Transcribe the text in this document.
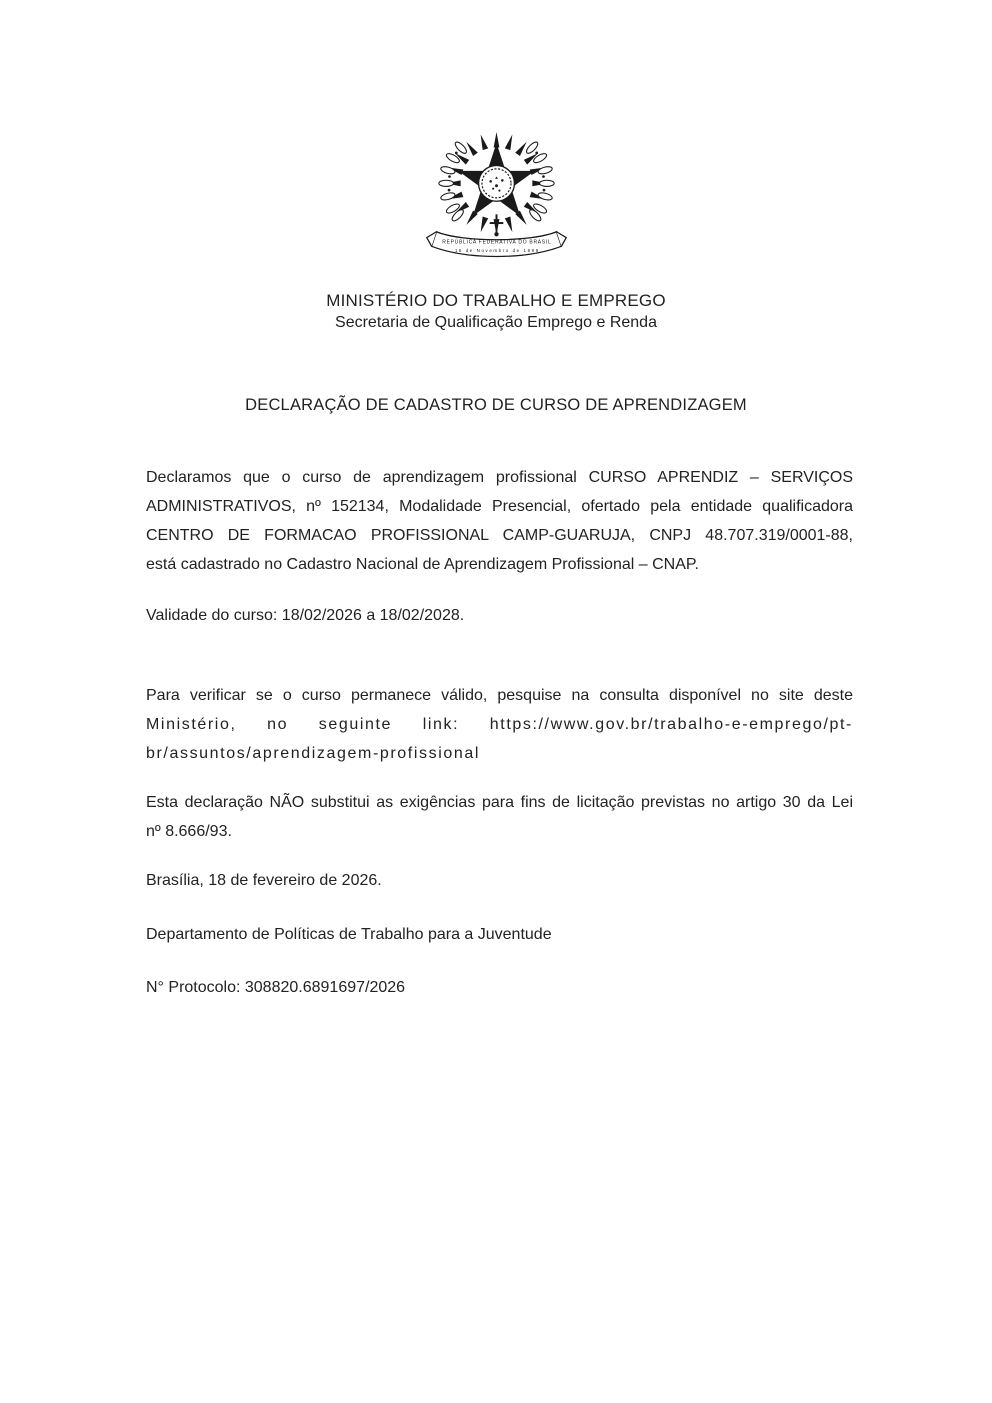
REPÚBLICA FEDERATIVA DO BRASIL
15 de Novembro de 1889
MINISTÉRIO DO TRABALHO E EMPREGO
Secretaria de Qualificação Emprego e Renda
DECLARAÇÃO DE CADASTRO DE CURSO DE APRENDIZAGEM
Declaramos que o curso de aprendizagem profissional CURSO APRENDIZ – SERVIÇOS
ADMINISTRATIVOS, nº 152134, Modalidade Presencial, ofertado pela entidade qualificadora
CENTRO DE FORMACAO PROFISSIONAL CAMP-GUARUJA, CNPJ 48.707.319/0001-88,
está cadastrado no Cadastro Nacional de Aprendizagem Profissional – CNAP.
Validade do curso: 18/02/2026 a 18/02/2028.
Para verificar se o curso permanece válido, pesquise na consulta disponível no site deste
Ministério, no seguinte link: https://www.gov.br/trabalho-e-emprego/pt-
br/assuntos/aprendizagem-profissional
Esta declaração NÃO substitui as exigências para fins de licitação previstas no artigo 30 da Lei
nº 8.666/93.
Brasília, 18 de fevereiro de 2026.
Departamento de Políticas de Trabalho para a Juventude
N° Protocolo: 308820.6891697/2026
